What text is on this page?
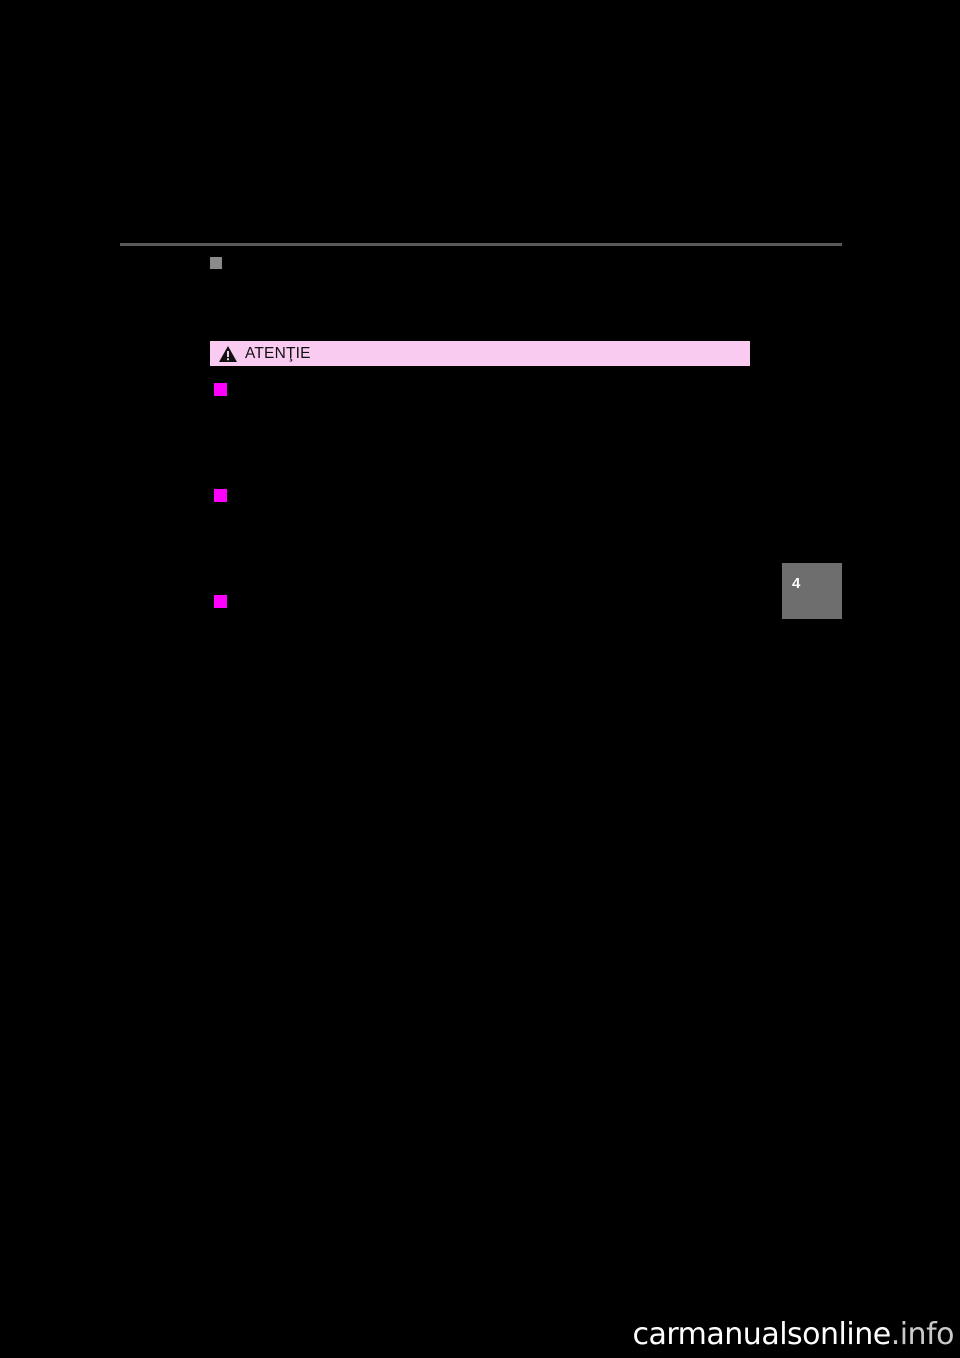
ATENŢIE
4
carmanualsonline.info
